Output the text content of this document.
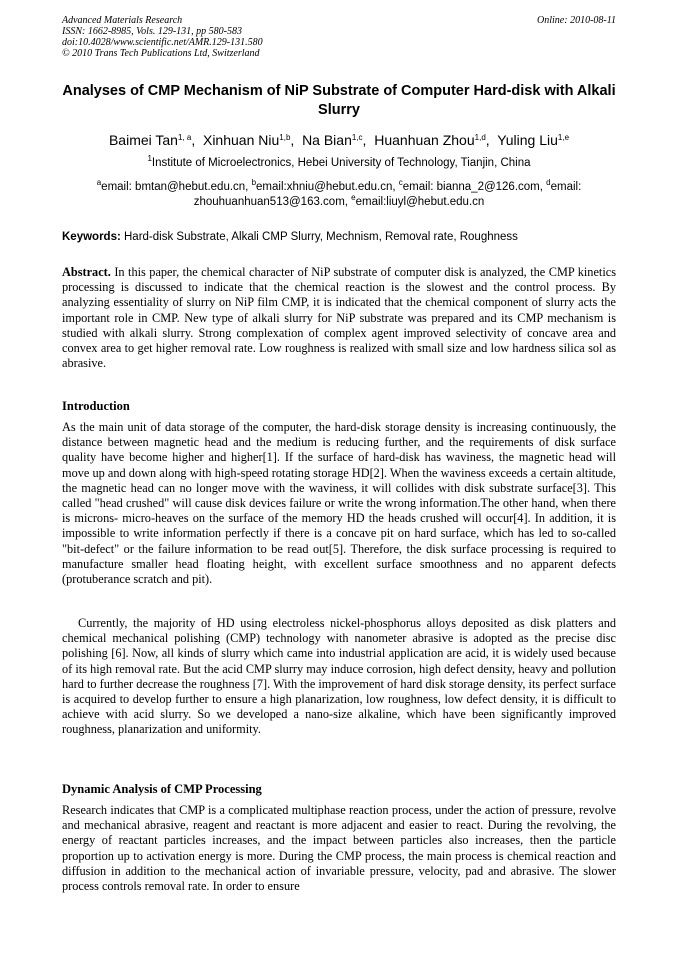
Advanced Materials Research
ISSN: 1662-8985, Vols. 129-131, pp 580-583
doi:10.4028/www.scientific.net/AMR.129-131.580
© 2010 Trans Tech Publications Ltd, Switzerland
Online: 2010-08-11
Analyses of CMP Mechanism of NiP Substrate of Computer Hard-disk with Alkali Slurry
Baimei Tan$^{1, a}$,  Xinhuan Niu$^{1,b}$,  Na Bian$^{1,c}$,  Huanhuan Zhou$^{1,d}$,  Yuling Liu$^{1,e}$
$^1$Institute of Microelectronics, Hebei University of Technology, Tianjin, China
$^a$email: bmtan@hebut.edu.cn, $^b$email:xhniu@hebut.edu.cn, $^c$email: bianna_2@126.com, $^d$email: zhouhuanhuan513@163.com, $^e$email:liuyl@hebut.edu.cn
Keywords: Hard-disk Substrate, Alkali CMP Slurry, Mechnism, Removal rate, Roughness

Abstract. In this paper, the chemical character of NiP substrate of computer disk is analyzed, the CMP kinetics processing is discussed to indicate that the chemical reaction is the slowest and the control process. By analyzing essentiality of slurry on NiP film CMP, it is indicated that the chemical component of slurry acts the important role in CMP. New type of alkali slurry for NiP substrate was prepared and its CMP mechanism is studied with alkali slurry. Strong complexation of complex agent improved selectivity of concave area and convex area to get higher removal rate. Low roughness is realized with small size and low hardness silica sol as abrasive.

Introduction

As the main unit of data storage of the computer, the hard-disk storage density is increasing continuously, the distance between magnetic head and the medium is reducing further, and the requirements of disk surface quality have become higher and higher[1]. If the surface of hard-disk has waviness, the magnetic head will move up and down along with high-speed rotating storage HD[2]. When the waviness exceeds a certain altitude, the magnetic head can no longer move with the waviness, it will collides with disk substrate surface[3]. This called "head crushed" will cause disk devices failure or write the wrong information.The other hand, when there is microns- micro-heaves on the surface of the memory HD the heads crushed will occur[4]. In addition, it is impossible to write information perfectly if there is a concave pit on hard surface, which has led to so-called "bit-defect" or the failure information to be read out[5]. Therefore, the disk surface processing is required to manufacture smaller head floating height, with excellent surface smoothness and no apparent defects (protuberance scratch and pit).

Currently, the majority of HD using electroless nickel-phosphorus alloys deposited as disk platters and chemical mechanical polishing (CMP) technology with nanometer abrasive is adopted as the precise disc polishing [6]. Now, all kinds of slurry which came into industrial application are acid, it is widely used because of its high removal rate. But the acid CMP slurry may induce corrosion, high defect density, heavy and pollution hard to further decrease the roughness [7]. With the improvement of hard disk storage density, its perfect surface is acquired to develop further to ensure a high planarization, low roughness, low defect density, it is difficult to achieve with acid slurry. So we developed a nano-size alkaline, which have been significantly improved roughness, planarization and uniformity.

Dynamic Analysis of CMP Processing

Research indicates that CMP is a complicated multiphase reaction process, under the action of pressure, revolve and mechanical abrasive, reagent and reactant is more adjacent and easier to react. During the revolving, the energy of reactant particles increases, and the impact between particles also increases, then the particle proportion up to activation energy is more. During the CMP process, the main process is chemical reaction and diffusion in addition to the mechanical action of invariable pressure, velocity, pad and abrasive. The slower process controls removal rate. In order to ensure
